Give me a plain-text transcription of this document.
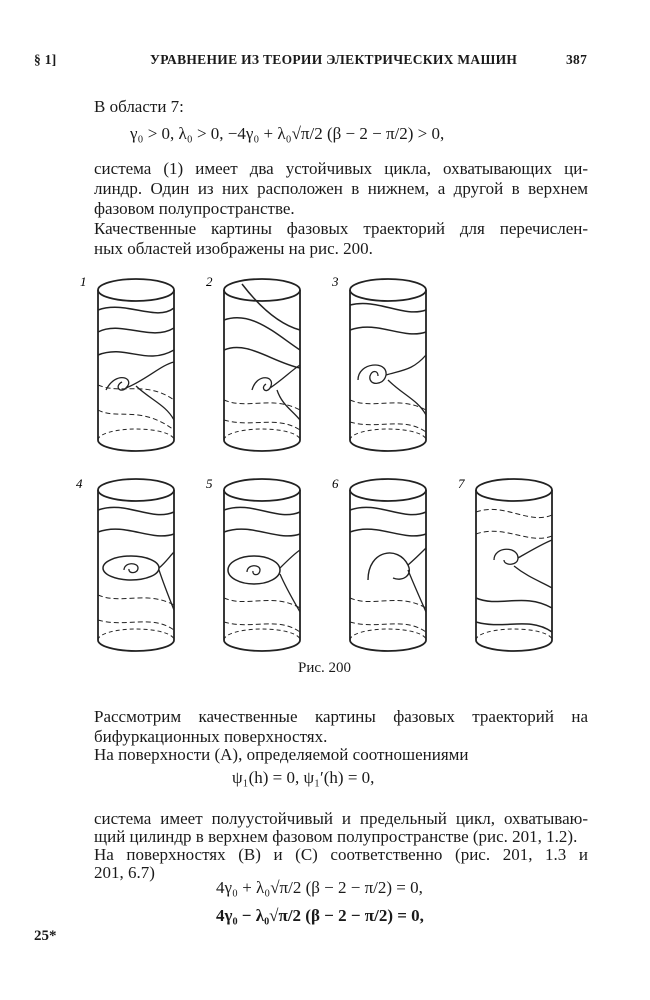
§ 1]	УРАВНЕНИЕ ИЗ ТЕОРИИ ЭЛЕКТРИЧЕСКИХ МАШИН	387
В области 7:
γ₀ > 0, λ₀ > 0, −4γ₀ + λ₀√π/2 (β − 2 − π/2) > 0,
система (1) имеет два устойчивых цикла, охватывающих ци-
линдр. Один из них расположен в нижнем, а другой в верхнем
фазовом полупространстве.
Качественные картины фазовых траекторий для перечислен-
ных областей изображены на рис. 200.
1	2	3
4	5	6	7
Рис. 200
Рассмотрим качественные картины фазовых траекторий на
бифуркационных поверхностях.
На поверхности (A), определяемой соотношениями
ψ₁(h) = 0, ψ₁′(h) = 0,
система имеет полуустойчивый и предельный цикл, охватываю-
щий цилиндр в верхнем фазовом полупространстве (рис. 201, 1.2).
На поверхностях (B) и (C) соответственно (рис. 201, 1.3 и
201, 6.7)
4γ₀ + λ₀√π/2 (β − 2 − π/2) = 0,
4γ₀ − λ₀√π/2 (β − 2 − π/2) = 0,
25*
